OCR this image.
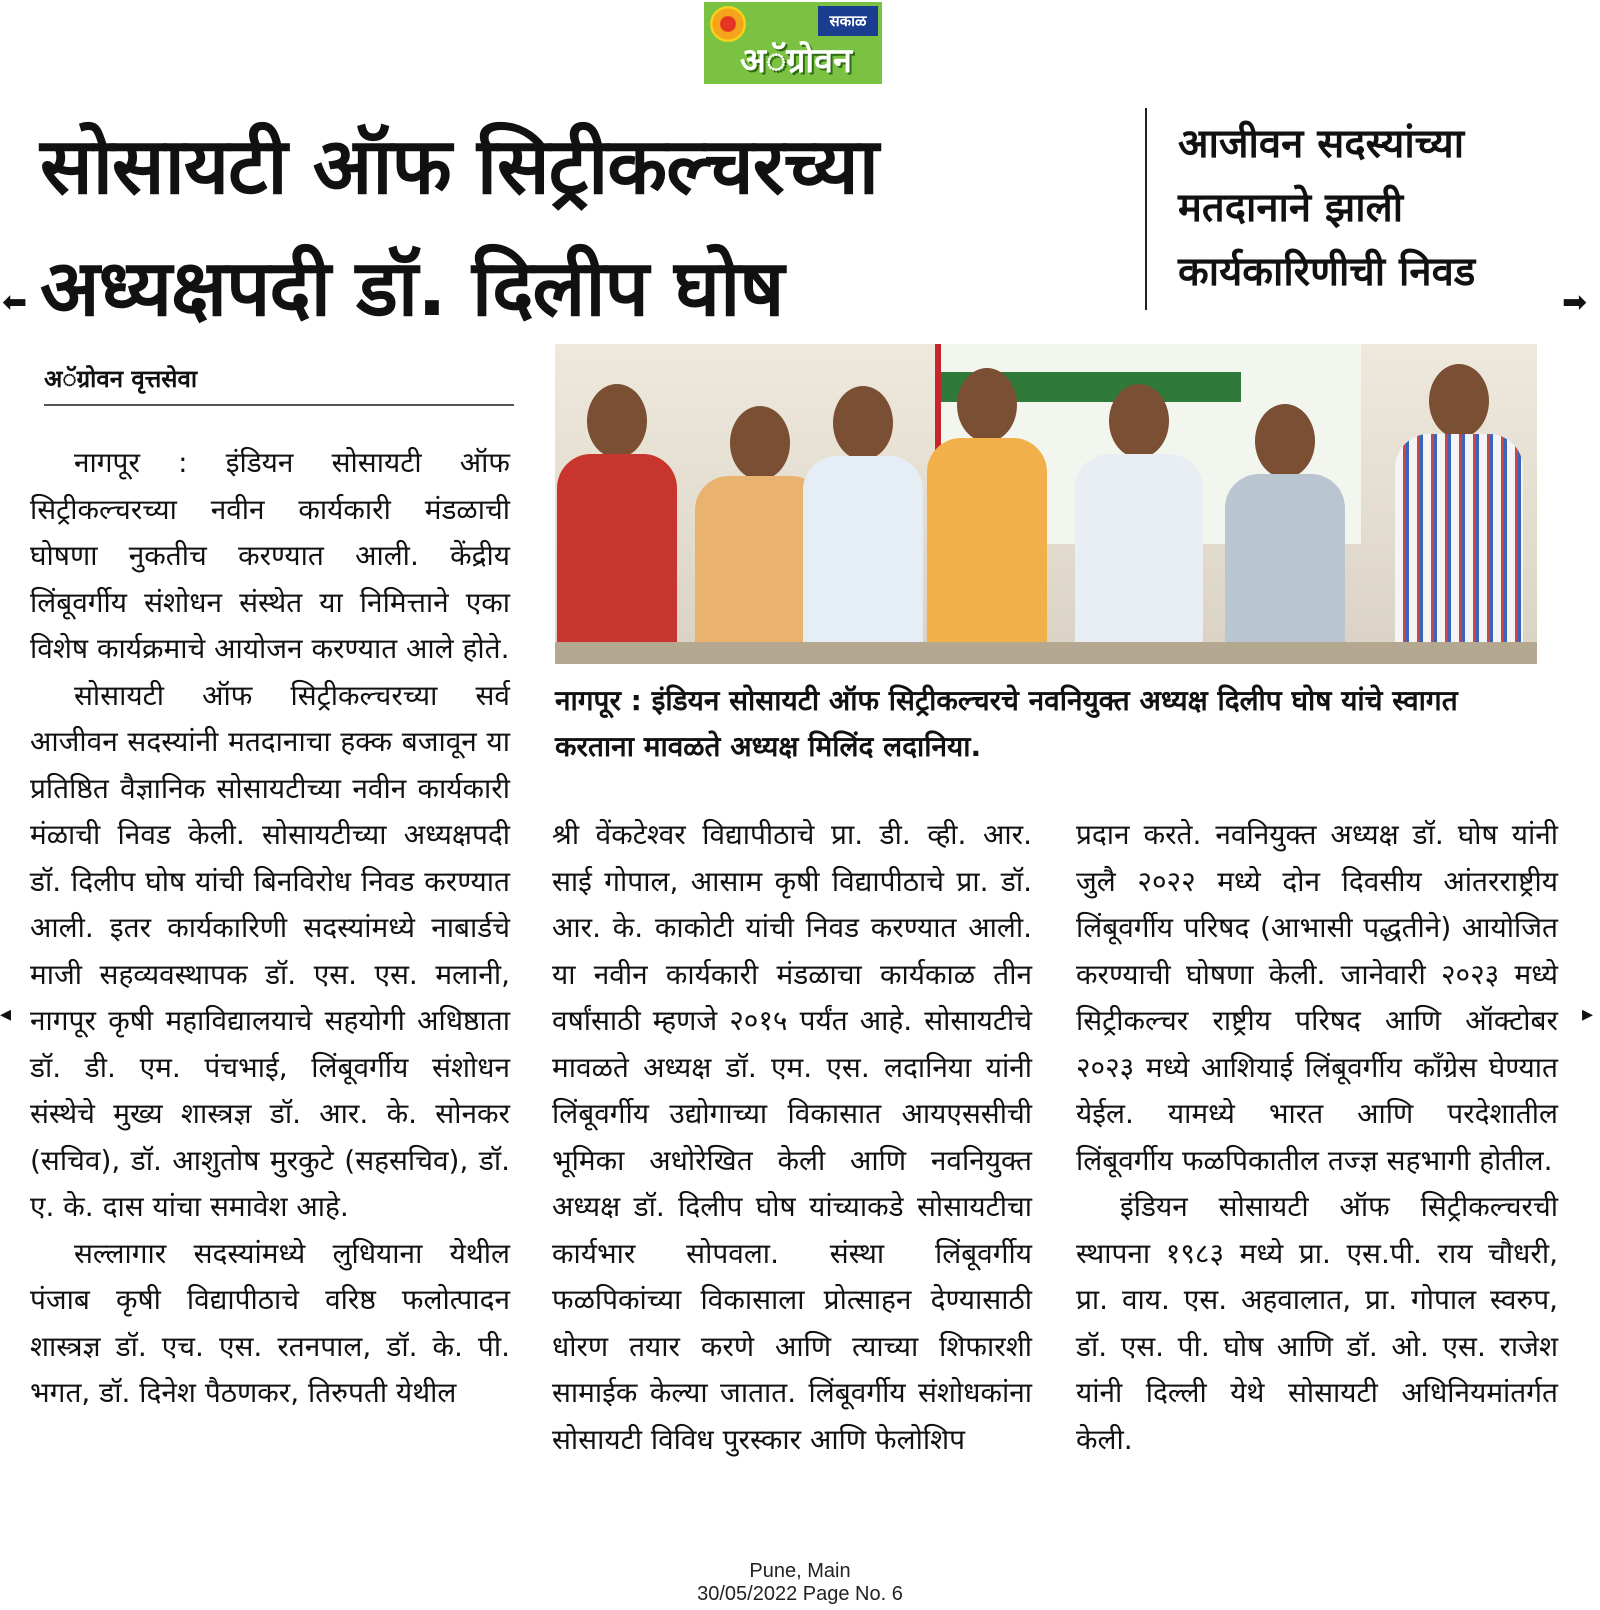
सकाळ
अॅग्रोवन
सोसायटी ऑफ सिट्रीकल्चरच्या अध्यक्षपदी डॉ. दिलीप घोष
आजीवन सदस्यांच्या मतदानाने झाली कार्यकारिणीची निवड
⬅	➡
◂	▸

अॅग्रोवन वृत्तसेवा

नागपूर : इंडियन सोसायटी ऑफ सिट्रीकल्चरचे नवनियुक्त अध्यक्ष दिलीप घोष यांचे स्वागत करताना मावळते अध्यक्ष मिलिंद लदानिया.

नागपूर : इंडियन सोसायटी ऑफ सिट्रीकल्चरच्या नवीन कार्यकारी मंडळाची घोषणा नुकतीच करण्यात आली. केंद्रीय लिंबूवर्गीय संशोधन संस्थेत या निमित्ताने एका विशेष कार्यक्रमाचे आयोजन करण्यात आले होते.

सोसायटी ऑफ सिट्रीकल्चरच्या सर्व आजीवन सदस्यांनी मतदानाचा हक्क बजावून या प्रतिष्ठित वैज्ञानिक सोसायटीच्या नवीन कार्यकारी मंळाची निवड केली. सोसायटीच्या अध्यक्षपदी डॉ. दिलीप घोष यांची बिनविरोध निवड करण्यात आली. इतर कार्यकारिणी सदस्यांमध्ये नाबार्डचे माजी सहव्यवस्थापक डॉ. एस. एस. मलानी, नागपूर कृषी महाविद्यालयाचे सहयोगी अधिष्ठाता डॉ. डी. एम. पंचभाई, लिंबूवर्गीय संशोधन संस्थेचे मुख्य शास्त्रज्ञ डॉ. आर. के. सोनकर (सचिव), डॉ. आशुतोष मुरकुटे (सहसचिव), डॉ. ए. के. दास यांचा समावेश आहे.

सल्लागार सदस्यांमध्ये लुधियाना येथील पंजाब कृषी विद्यापीठाचे वरिष्ठ फलोत्पादन शास्त्रज्ञ डॉ. एच. एस. रतनपाल, डॉ. के. पी. भगत, डॉ. दिनेश पैठणकर, तिरुपती येथील

श्री वेंकटेश्वर विद्यापीठाचे प्रा. डी. व्ही. आर. साई गोपाल, आसाम कृषी विद्यापीठाचे प्रा. डॉ. आर. के. काकोटी यांची निवड करण्यात आली. या नवीन कार्यकारी मंडळाचा कार्यकाळ तीन वर्षांसाठी म्हणजे २०१५ पर्यंत आहे. सोसायटीचे मावळते अध्यक्ष डॉ. एम. एस. लदानिया यांनी लिंबूवर्गीय उद्योगाच्या विकासात आयएससीची भूमिका अधोरेखित केली आणि नवनियुक्त अध्यक्ष डॉ. दिलीप घोष यांच्याकडे सोसायटीचा कार्यभार सोपवला. संस्था लिंबूवर्गीय फळपिकांच्या विकासाला प्रोत्साहन देण्यासाठी धोरण तयार करणे आणि त्याच्या शिफारशी सामाईक केल्या जातात. लिंबूवर्गीय संशोधकांना सोसायटी विविध पुरस्कार आणि फेलोशिप

प्रदान करते. नवनियुक्त अध्यक्ष डॉ. घोष यांनी जुलै २०२२ मध्ये दोन दिवसीय आंतरराष्ट्रीय लिंबूवर्गीय परिषद (आभासी पद्धतीने) आयोजित करण्याची घोषणा केली. जानेवारी २०२३ मध्ये सिट्रीकल्चर राष्ट्रीय परिषद आणि ऑक्टोबर २०२३ मध्ये आशियाई लिंबूवर्गीय काँग्रेस घेण्यात येईल. यामध्ये भारत आणि परदेशातील लिंबूवर्गीय फळपिकातील तज्ज्ञ सहभागी होतील.

इंडियन सोसायटी ऑफ सिट्रीकल्चरची स्थापना १९८३ मध्ये प्रा. एस.पी. राय चौधरी, प्रा. वाय. एस. अहवालात, प्रा. गोपाल स्वरुप, डॉ. एस. पी. घोष आणि डॉ. ओ. एस. राजेश यांनी दिल्ली येथे सोसायटी अधिनियमांतर्गत केली.

Pune, Main
30/05/2022 Page No. 6
